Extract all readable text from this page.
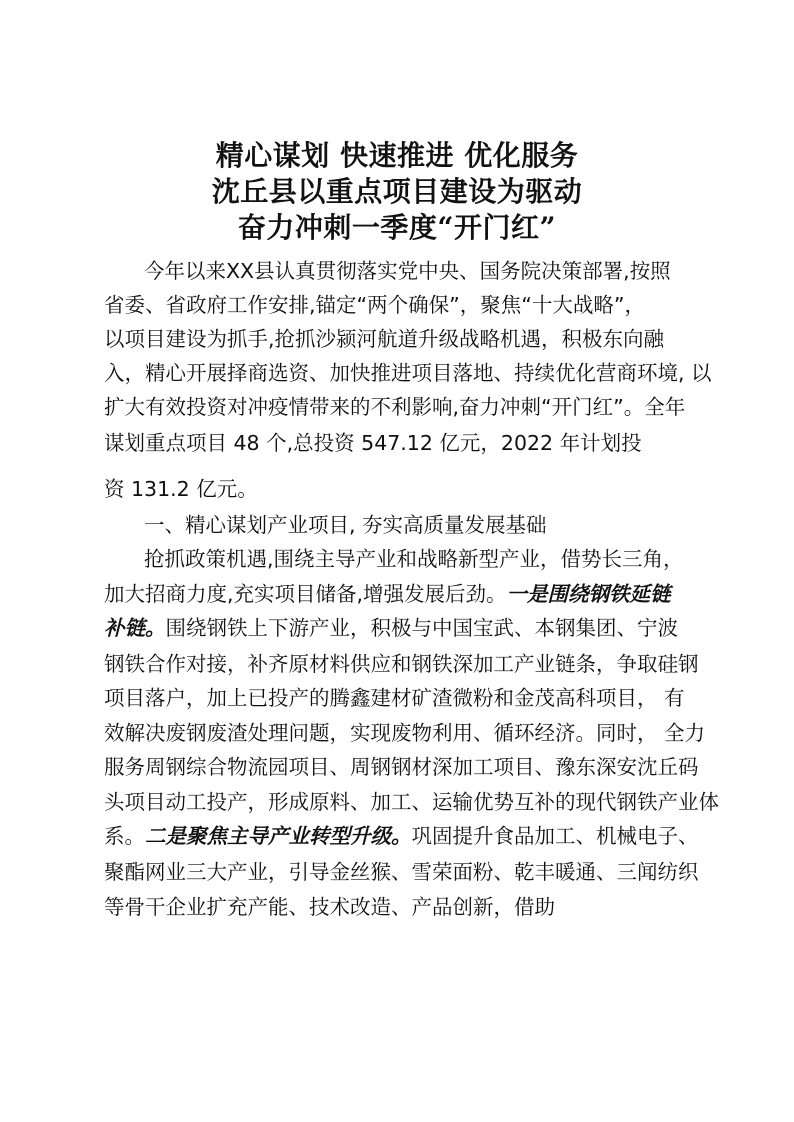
精心谋划 快速推进 优化服务
沈丘县以重点项目建设为驱动
奋力冲刺一季度“开门红”
今年以来XX县认真贯彻落实党中央、国务院决策部署,按照
省委、省政府工作安排,锚定“两个确保”，聚焦“十大战略”，
以项目建设为抓手,抢抓沙颍河航道升级战略机遇，积极东向融
入，精心开展择商选资、加快推进项目落地、持续优化营商环境, 以
扩大有效投资对冲疫情带来的不利影响,奋力冲刺“开门红”。全年
谋划重点项目 48 个,总投资 547.12 亿元，2022 年计划投
资 131.2 亿元。
一、精心谋划产业项目, 夯实高质量发展基础
抢抓政策机遇,围绕主导产业和战略新型产业，借势长三角，
加大招商力度,充实项目储备,增强发展后劲。一是围绕钢铁延链
补链。围绕钢铁上下游产业，积极与中国宝武、本钢集团、宁波
钢铁合作对接，补齐原材料供应和钢铁深加工产业链条，争取硅钢
项目落户，加上已投产的腾鑫建材矿渣微粉和金茂高科项目， 有
效解决废钢废渣处理问题，实现废物利用、循环经济。同时， 全力
服务周钢综合物流园项目、周钢钢材深加工项目、豫东深安沈丘码
头项目动工投产，形成原料、加工、运输优势互补的现代钢铁产业体
系。二是聚焦主导产业转型升级。巩固提升食品加工、机械电子、
聚酯网业三大产业，引导金丝猴、雪荣面粉、乾丰暖通、三闻纺织
等骨干企业扩充产能、技术改造、产品创新，借助
